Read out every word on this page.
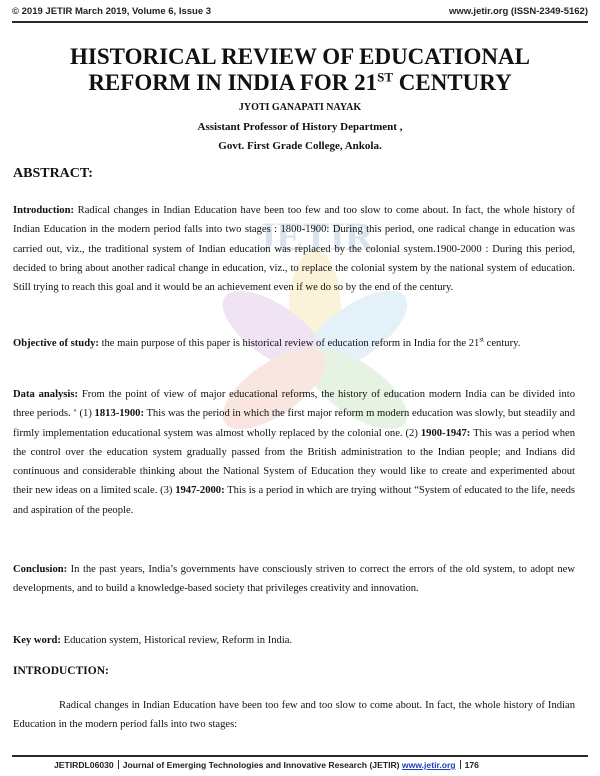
© 2019 JETIR March 2019, Volume 6, Issue 3	www.jetir.org (ISSN-2349-5162)
JETIR
HISTORICAL REVIEW OF EDUCATIONAL
REFORM IN INDIA FOR 21ST CENTURY
JYOTI GANAPATI NAYAK
Assistant Professor of History Department ,
Govt. First Grade College, Ankola.
ABSTRACT:

Introduction: Radical changes in Indian Education have been too few and too slow to come about. In fact, the whole history of Indian Education in the modern period falls into two stages : 1800-1900: During this period, one radical change in education was carried out, viz., the traditional system of Indian education was replaced by the colonial system.1900-2000 : During this period, decided to bring about another radical change in education, viz., to replace the colonial system by the national system of education. Still trying to reach this goal and it would be an achievement even if we do so by the end of the century.

Objective of study: the main purpose of this paper is historical review of education reform in India for the 21st century.

Data analysis: From the point of view of major educational reforms, the history of education modern India can be divided into three periods. ‘ (1) 1813-1900: This was the period in which the first major reform m modern education was slowly, but steadily and firmly implementation educational system was almost wholly replaced by the colonial one. (2) 1900-1947: This was a period when the control over the education system gradually passed from the British administration to the Indian people; and Indians did continuous and considerable thinking about the National System of Education they would like to create and experimented about their new ideas on a limited scale. (3) 1947-2000: This is a period in which are trying without “System of educated to the life, needs and aspiration of the people.

Conclusion: In the past years, India’s governments have consciously striven to correct the errors of the old system, to adopt new developments, and to build a knowledge-based society that privileges creativity and innovation.

Key word: Education system, Historical review, Reform in India.

INTRODUCTION:

Radical changes in Indian Education have been too few and too slow to come about. In fact, the whole history of Indian Education in the modern period falls into two stages:

JETIRDL06030 Journal of Emerging Technologies and Innovative Research (JETIR) www.jetir.org 176
